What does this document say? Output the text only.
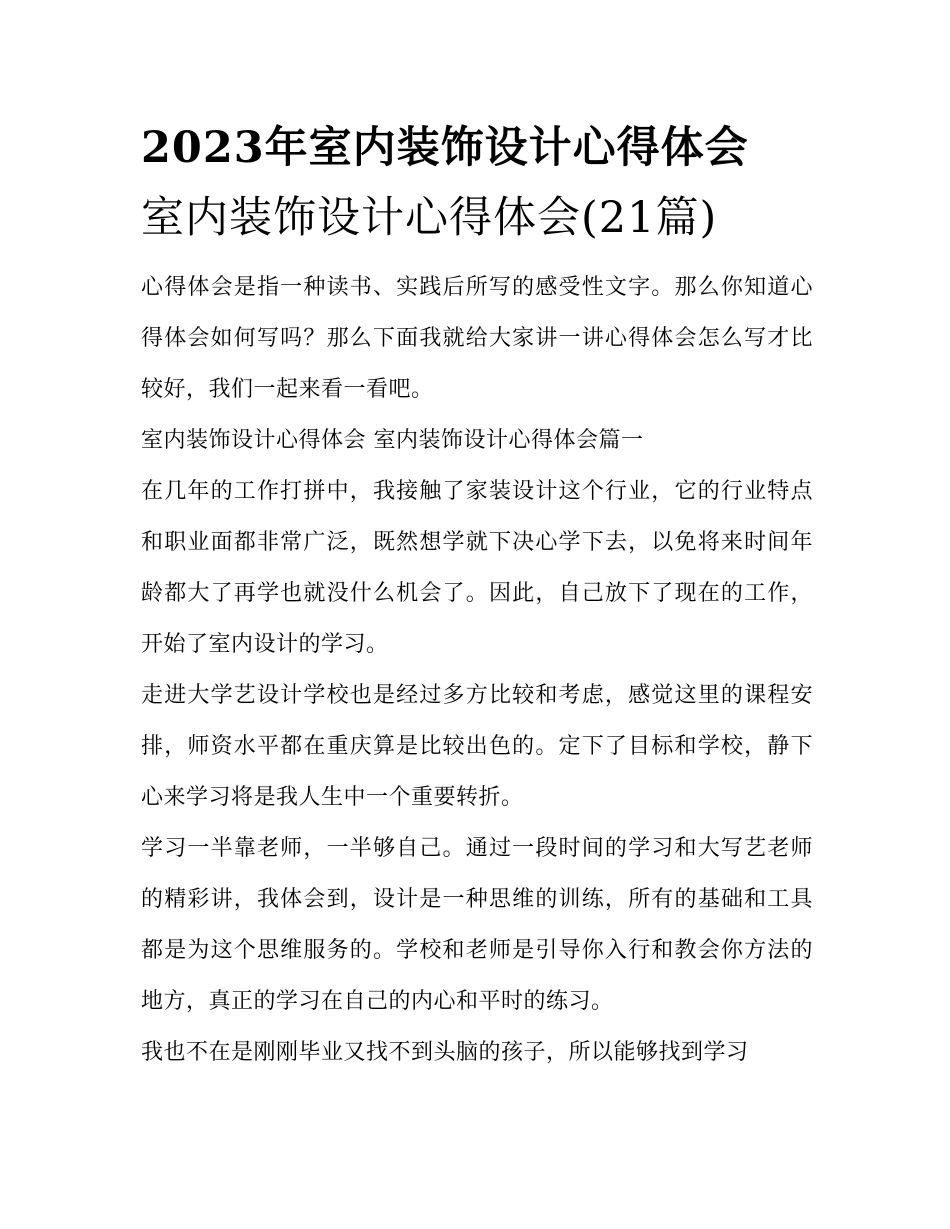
2023年室内装饰设计心得体会
室内装饰设计心得体会(21篇)

心得体会是指一种读书、实践后所写的感受性文字。那么你知道心得体会如何写吗？那么下面我就给大家讲一讲心得体会怎么写才比较好，我们一起来看一看吧。

室内装饰设计心得体会 室内装饰设计心得体会篇一

在几年的工作打拼中，我接触了家装设计这个行业，它的行业特点和职业面都非常广泛，既然想学就下决心学下去，以免将来时间年龄都大了再学也就没什么机会了。因此，自己放下了现在的工作，开始了室内设计的学习。

走进大学艺设计学校也是经过多方比较和考虑，感觉这里的课程安排，师资水平都在重庆算是比较出色的。定下了目标和学校，静下心来学习将是我人生中一个重要转折。

学习一半靠老师，一半够自己。通过一段时间的学习和大写艺老师的精彩讲，我体会到，设计是一种思维的训练，所有的基础和工具都是为这个思维服务的。学校和老师是引导你入行和教会你方法的地方，真正的学习在自己的内心和平时的练习。

我也不在是刚刚毕业又找不到头脑的孩子，所以能够找到学习
